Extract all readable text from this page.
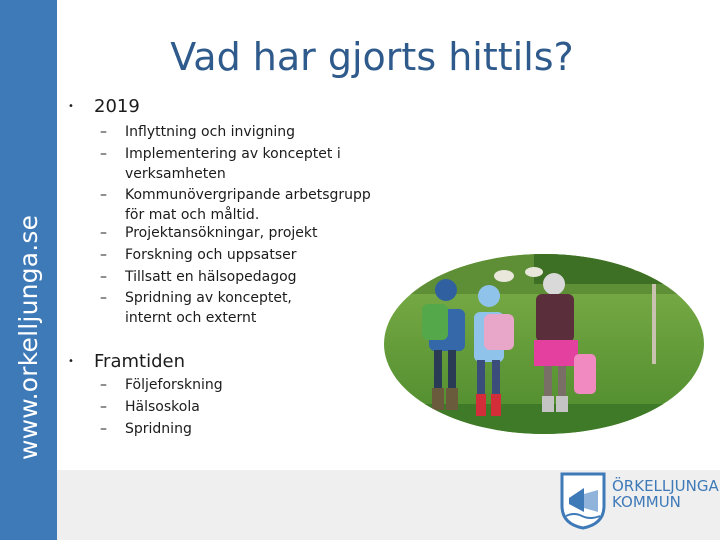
www.orkelljunga.se
Vad har gjorts hittils?
• 2019
– Inflyttning och invigning
– Implementering av konceptet i verksamheten
– Kommunövergripande arbetsgrupp för mat och måltid.
– Projektansökningar, projekt
– Forskning och uppsatser
– Tillsatt en hälsopedagog
– Spridning av konceptet, internt och externt
• Framtiden
– Följeforskning
– Hälsoskola
– Spridning
ÖRKELLJUNGA
KOMMUN
